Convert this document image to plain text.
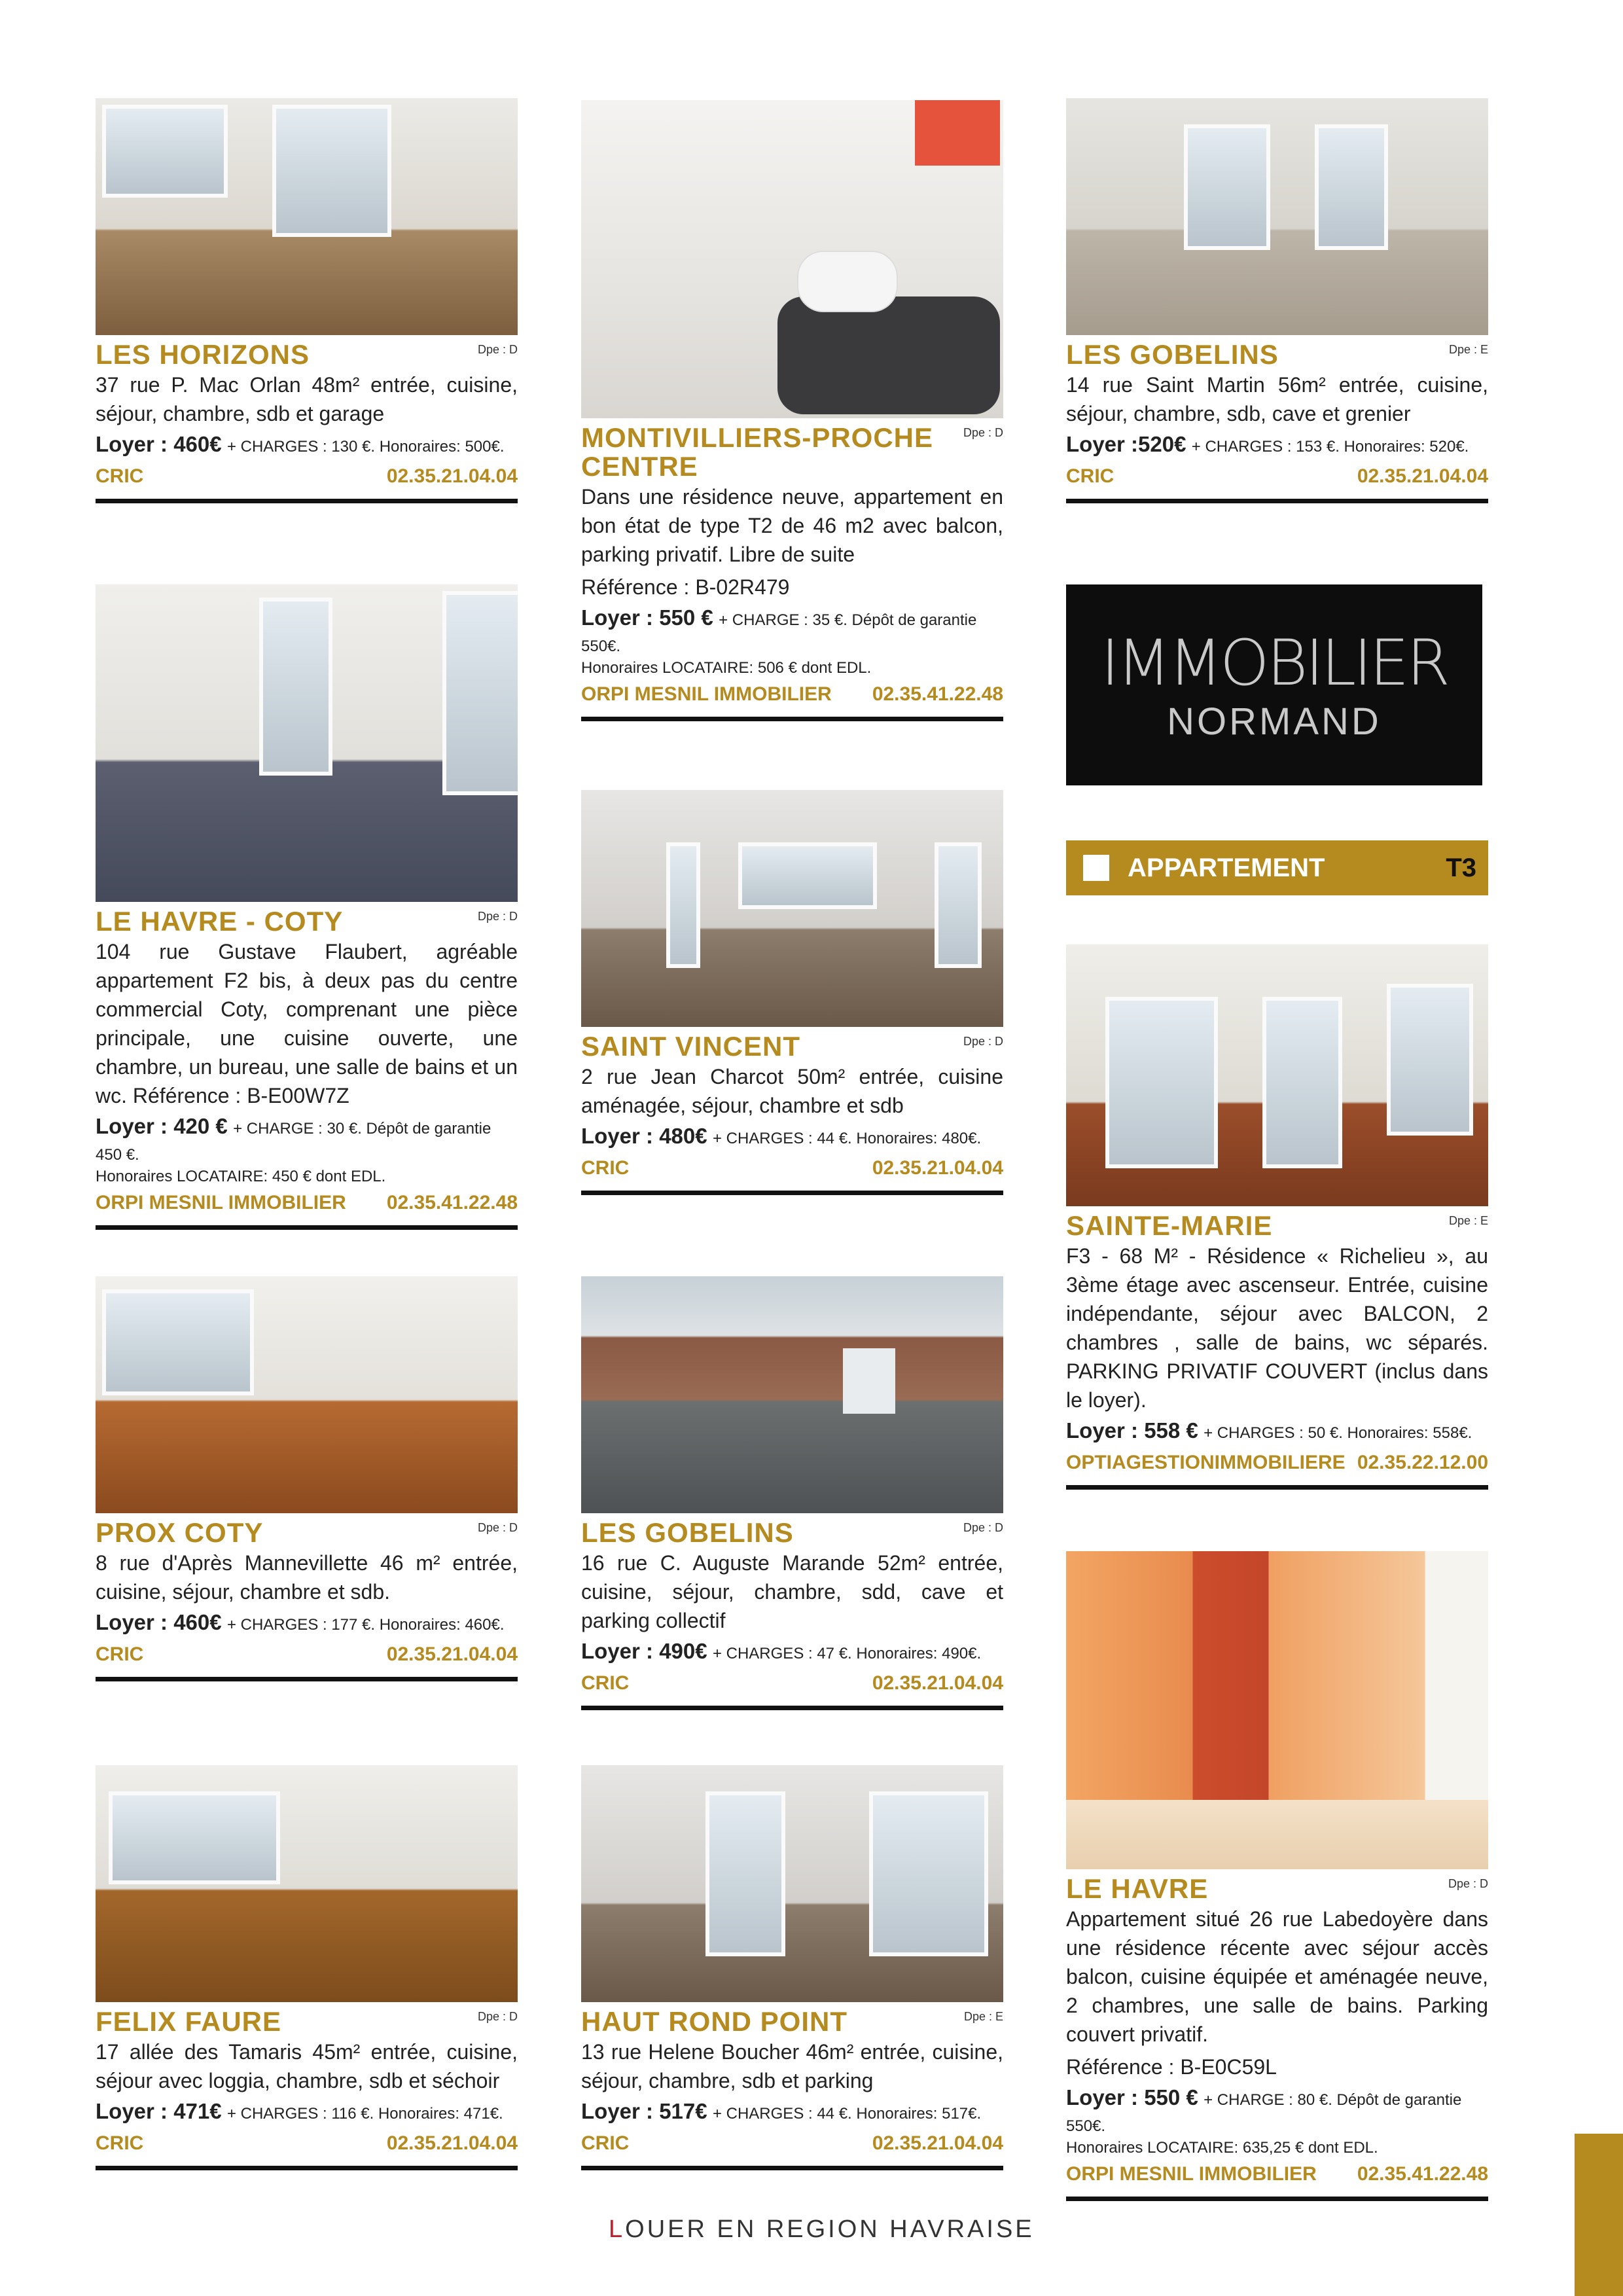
LES HORIZONS	Dpe : D
37 rue P. Mac Orlan 48m² entrée, cuisine, séjour, chambre, sdb et garage
Loyer : 460€ + CHARGES : 130 €. Honoraires: 500€.
CRIC	02.35.21.04.04
LE HAVRE - COTY	Dpe : D
104 rue Gustave Flaubert, agréable appartement F2 bis, à deux pas du centre commercial Coty, comprenant une pièce principale, une cuisine ouverte, une chambre, un bureau, une salle de bains et un wc. Référence : B-E00W7Z
Loyer : 420 € + CHARGE : 30 €. Dépôt de garantie 450 €.
Honoraires LOCATAIRE: 450 € dont EDL.
ORPI MESNIL IMMOBILIER 02.35.41.22.48
PROX COTY	Dpe : D
8 rue d'Après Mannevillette 46 m² entrée, cuisine, séjour, chambre et sdb.
Loyer : 460€ + CHARGES : 177 €. Honoraires: 460€.
CRIC	02.35.21.04.04
FELIX FAURE	Dpe : D
17 allée des Tamaris 45m² entrée, cuisine, séjour avec loggia, chambre, sdb et séchoir
Loyer : 471€ + CHARGES : 116 €. Honoraires: 471€.
CRIC	02.35.21.04.04
MONTIVILLIERS-PROCHE CENTRE
Dpe : D
Dans une résidence neuve, appartement en bon état de type T2 de 46 m2 avec balcon, parking privatif. Libre de suite
Référence : B-02R479
Loyer : 550 € + CHARGE : 35 €. Dépôt de garantie 550€.
Honoraires LOCATAIRE: 506 € dont EDL.
ORPI MESNIL IMMOBILIER 02.35.41.22.48
SAINT VINCENT	Dpe : D
2 rue Jean Charcot 50m² entrée, cuisine aménagée, séjour, chambre et sdb
Loyer : 480€ + CHARGES : 44 €. Honoraires: 480€.
CRIC	02.35.21.04.04
LES GOBELINS	Dpe : D
16 rue C. Auguste Marande 52m² entrée, cuisine, séjour, chambre, sdd, cave et parking collectif
Loyer : 490€ + CHARGES : 47 €. Honoraires: 490€.
CRIC	02.35.21.04.04
HAUT ROND POINT	Dpe : E
13 rue Helene Boucher 46m² entrée, cuisine, séjour, chambre, sdb et parking
Loyer : 517€ + CHARGES : 44 €. Honoraires: 517€.
CRIC	02.35.21.04.04
LES GOBELINS	Dpe : E
14 rue Saint Martin 56m² entrée, cuisine, séjour, chambre, sdb, cave et grenier
Loyer :520€ + CHARGES : 153 €. Honoraires: 520€.
CRIC	02.35.21.04.04
IMMOBILIER
NORMAND
APPARTEMENT	T3
SAINTE-MARIE	Dpe : E
F3 - 68 M² - Résidence « Richelieu », au 3ème étage avec ascenseur. Entrée, cuisine indépendante, séjour avec BALCON, 2 chambres , salle de bains, wc séparés. PARKING PRIVATIF COUVERT (inclus dans le loyer).
Loyer : 558 € + CHARGES : 50 €. Honoraires: 558€.
OPTIAGESTIONIMMOBILIERE 02.35.22.12.00
LE HAVRE	Dpe : D
Appartement situé 26 rue Labedoyère dans une résidence récente avec séjour accès balcon, cuisine équipée et aménagée neuve, 2 chambres, une salle de bains. Parking couvert privatif.
Référence : B-E0C59L
Loyer : 550 € + CHARGE : 80 €. Dépôt de garantie 550€.
Honoraires LOCATAIRE: 635,25 € dont EDL.
ORPI MESNIL IMMOBILIER 02.35.41.22.48
LOUER EN REGION HAVRAISE
